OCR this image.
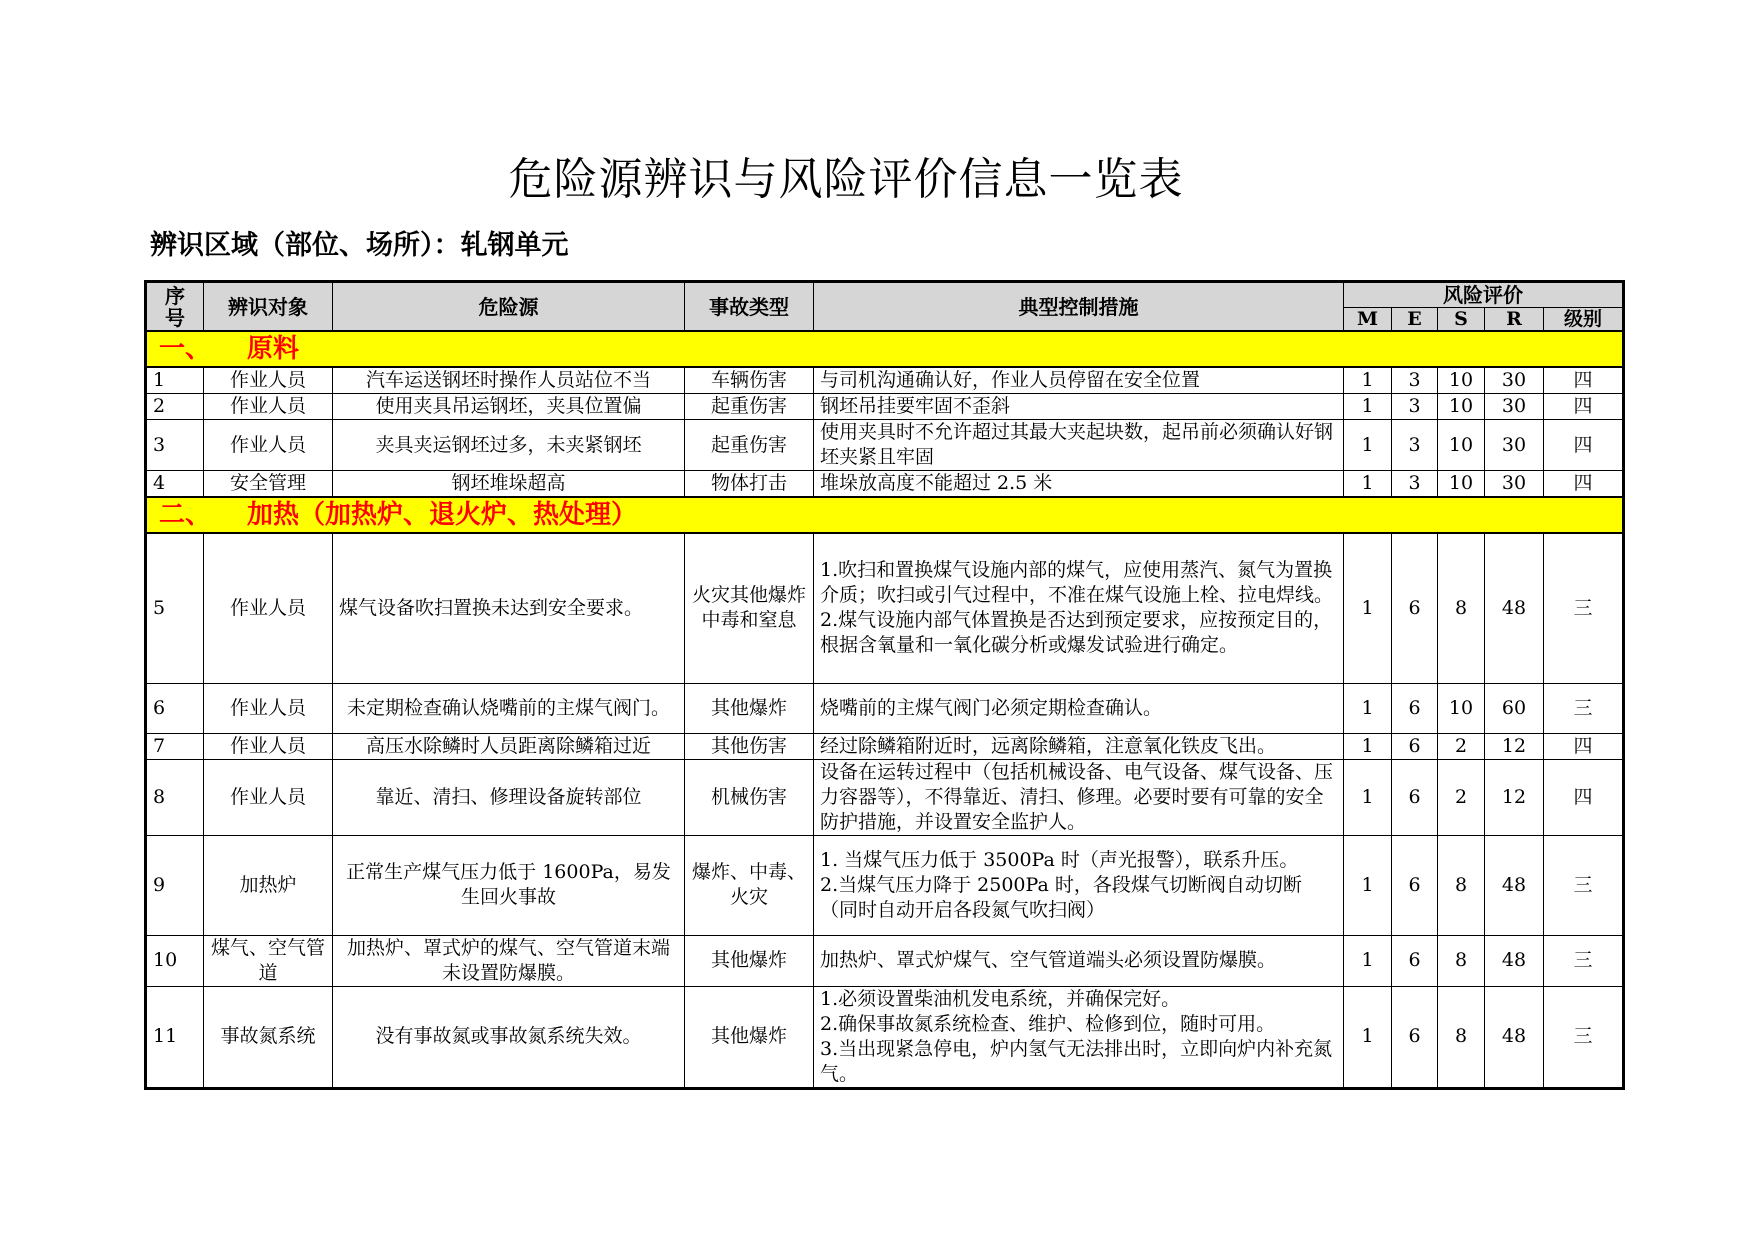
危险源辨识与风险评价信息一览表
辨识区域（部位、场所）：轧钢单元
序号	辨识对象	危险源	事故类型	典型控制措施	风险评价				
					M	E	S	R	级别
一、 原料									
1	作业人员	汽车运送钢坯时操作人员站位不当	车辆伤害	与司机沟通确认好，作业人员停留在安全位置	1	3	10	30	四
2	作业人员	使用夹具吊运钢坯，夹具位置偏	起重伤害	钢坯吊挂要牢固不歪斜	1	3	10	30	四
3	作业人员	夹具夹运钢坯过多，未夹紧钢坯	起重伤害	使用夹具时不允许超过其最大夹起块数，起吊前必须确认好钢坯夹紧且牢固	1	3	10	30	四
4	安全管理	钢坯堆垛超高	物体打击	堆垛放高度不能超过 2.5 米	1	3	10	30	四
二、 加热（加热炉、退火炉、热处理）									
5	作业人员	煤气设备吹扫置换未达到安全要求。	火灾其他爆炸中毒和窒息	1.吹扫和置换煤气设施内部的煤气，应使用蒸汽、氮气为置换介质；吹扫或引气过程中，不准在煤气设施上栓、拉电焊线。
2.煤气设施内部气体置换是否达到预定要求，应按预定目的，根据含氧量和一氧化碳分析或爆发试验进行确定。	1	6	8	48	三
6	作业人员	未定期检查确认烧嘴前的主煤气阀门。	其他爆炸	烧嘴前的主煤气阀门必须定期检查确认。	1	6	10	60	三
7	作业人员	高压水除鳞时人员距离除鳞箱过近	其他伤害	经过除鳞箱附近时，远离除鳞箱，注意氧化铁皮飞出。	1	6	2	12	四
8	作业人员	靠近、清扫、修理设备旋转部位	机械伤害	设备在运转过程中（包括机械设备、电气设备、煤气设备、压力容器等），不得靠近、清扫、修理。必要时要有可靠的安全防护措施，并设置安全监护人。	1	6	2	12	四
9	加热炉	正常生产煤气压力低于 1600Pa，易发生回火事故	爆炸、中毒、火灾	1. 当煤气压力低于 3500Pa 时（声光报警），联系升压。
2.当煤气压力降于 2500Pa 时，各段煤气切断阀自动切断（同时自动开启各段氮气吹扫阀）	1	6	8	48	三
10	煤气、空气管道	加热炉、罩式炉的煤气、空气管道末端未设置防爆膜。	其他爆炸	加热炉、罩式炉煤气、空气管道端头必须设置防爆膜。	1	6	8	48	三
11	事故氮系统	没有事故氮或事故氮系统失效。	其他爆炸	1.必须设置柴油机发电系统，并确保完好。
2.确保事故氮系统检查、维护、检修到位，随时可用。
3.当出现紧急停电，炉内氢气无法排出时，立即向炉内补充氮气。	1	6	8	48	三
